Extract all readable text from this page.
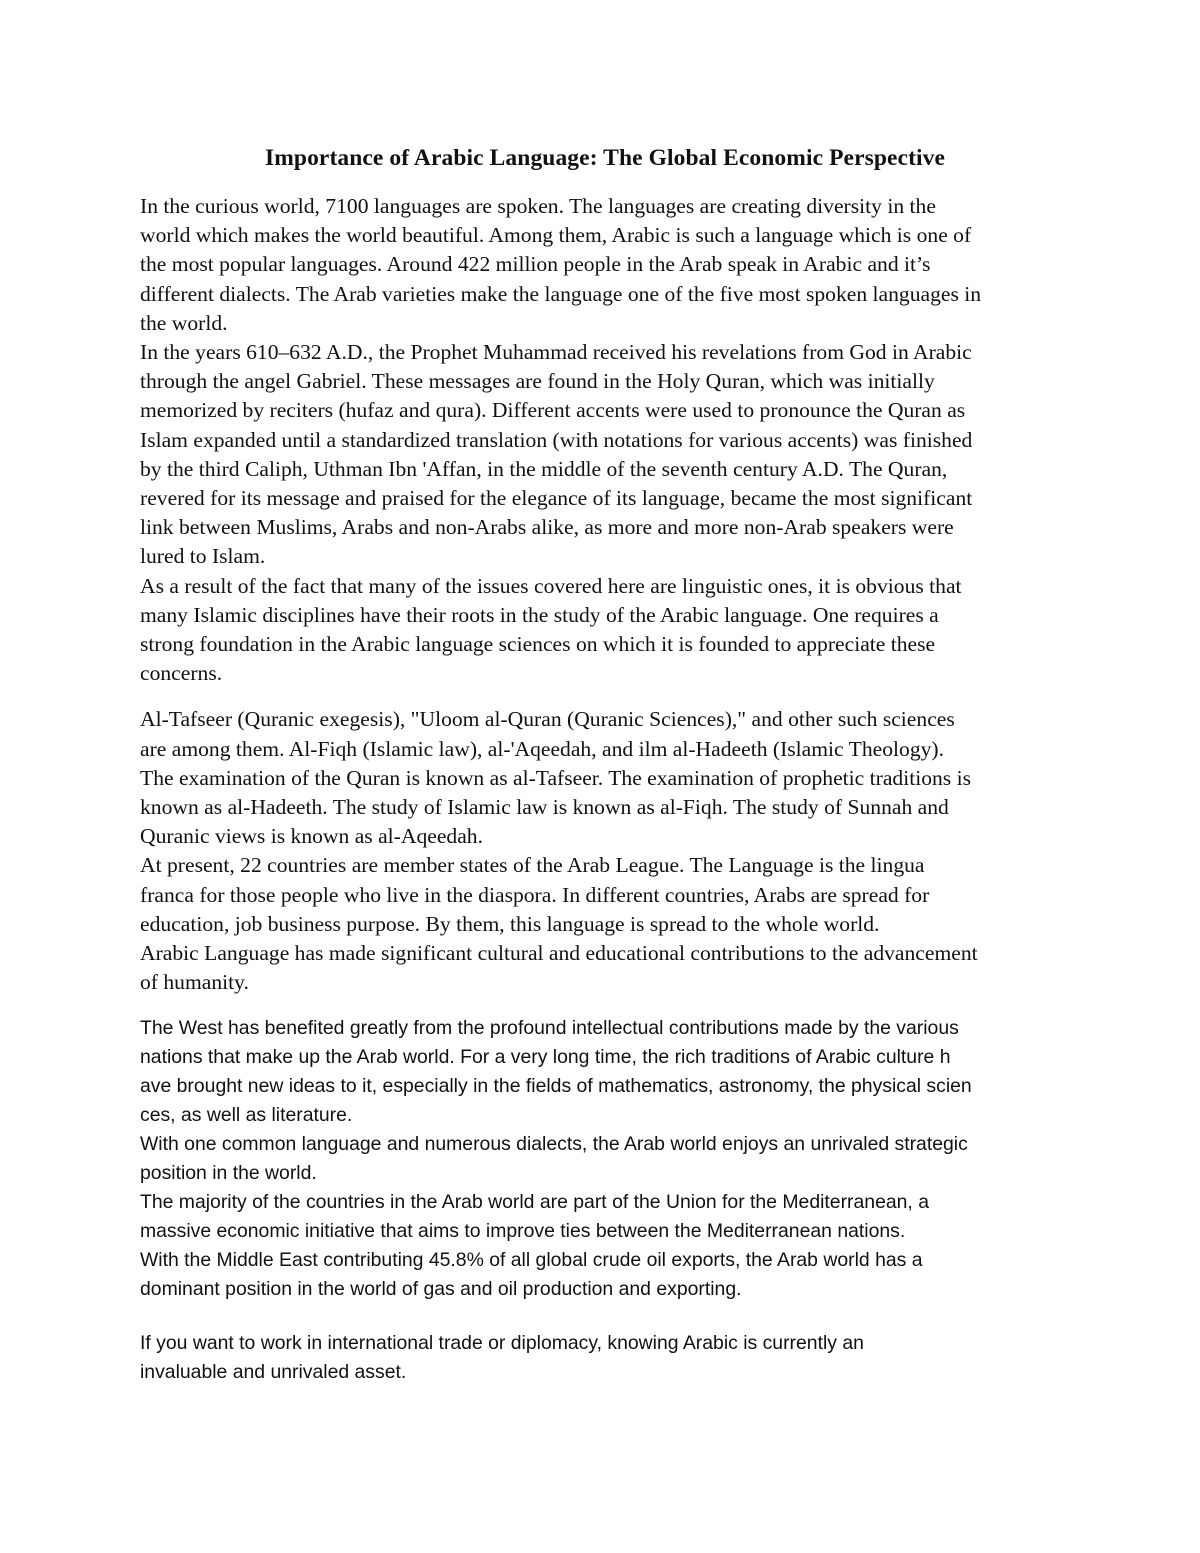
Importance of Arabic Language: The Global Economic Perspective

In the curious world, 7100 languages are spoken. The languages are creating diversity in the
world which makes the world beautiful. Among them, Arabic is such a language which is one of
the most popular languages. Around 422 million people in the Arab speak in Arabic and it’s
different dialects. The Arab varieties make the language one of the five most spoken languages in
the world.

In the years 610–632 A.D., the Prophet Muhammad received his revelations from God in Arabic
through the angel Gabriel. These messages are found in the Holy Quran, which was initially
memorized by reciters (hufaz and qura). Different accents were used to pronounce the Quran as
Islam expanded until a standardized translation (with notations for various accents) was finished
by the third Caliph, Uthman Ibn 'Affan, in the middle of the seventh century A.D. The Quran,
revered for its message and praised for the elegance of its language, became the most significant
link between Muslims, Arabs and non-Arabs alike, as more and more non-Arab speakers were
lured to Islam.

As a result of the fact that many of the issues covered here are linguistic ones, it is obvious that
many Islamic disciplines have their roots in the study of the Arabic language. One requires a
strong foundation in the Arabic language sciences on which it is founded to appreciate these
concerns.

Al-Tafseer (Quranic exegesis), "Uloom al-Quran (Quranic Sciences)," and other such sciences
are among them. Al-Fiqh (Islamic law), al-'Aqeedah, and ilm al-Hadeeth (Islamic Theology).
The examination of the Quran is known as al-Tafseer. The examination of prophetic traditions is
known as al-Hadeeth. The study of Islamic law is known as al-Fiqh. The study of Sunnah and
Quranic views is known as al-Aqeedah.

At present, 22 countries are member states of the Arab League. The Language is the lingua
franca for those people who live in the diaspora. In different countries, Arabs are spread for
education, job business purpose. By them, this language is spread to the whole world.

Arabic Language has made significant cultural and educational contributions to the advancement
of humanity.

The West has benefited greatly from the profound intellectual contributions made by the various
nations that make up the Arab world. For a very long time, the rich traditions of Arabic culture h
ave brought new ideas to it, especially in the fields of mathematics, astronomy, the physical scien
ces, as well as literature.

With one common language and numerous dialects, the Arab world enjoys an unrivaled strategic
position in the world.

The majority of the countries in the Arab world are part of the Union for the Mediterranean, a
massive economic initiative that aims to improve ties between the Mediterranean nations.

With the Middle East contributing 45.8% of all global crude oil exports, the Arab world has a
dominant position in the world of gas and oil production and exporting.

If you want to work in international trade or diplomacy, knowing Arabic is currently an
invaluable and unrivaled asset.
